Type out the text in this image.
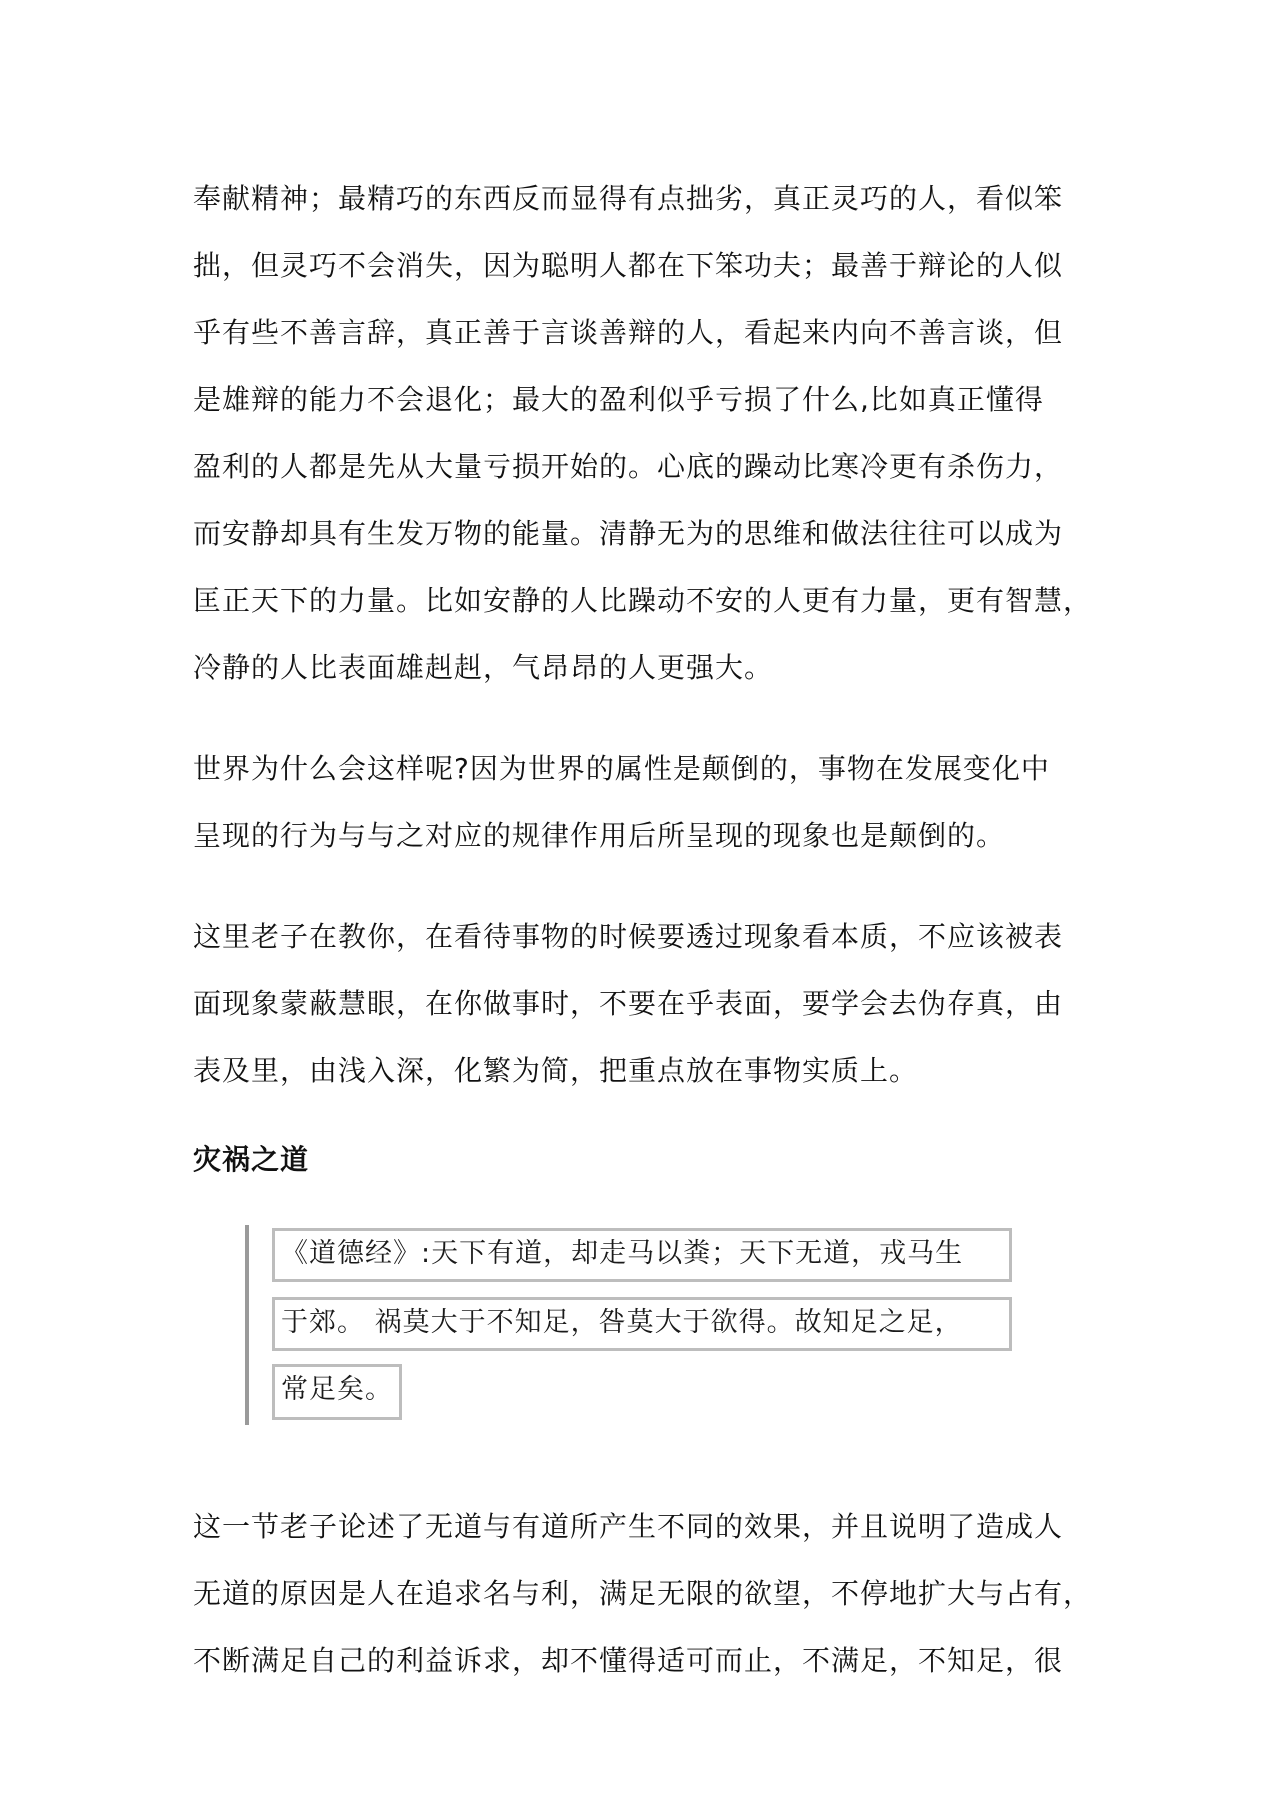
奉献精神；最精巧的东西反而显得有点拙劣，真正灵巧的人，看似笨
拙，但灵巧不会消失，因为聪明人都在下笨功夫；最善于辩论的人似
乎有些不善言辞，真正善于言谈善辩的人，看起来内向不善言谈，但
是雄辩的能力不会退化；最大的盈利似乎亏损了什么,比如真正懂得
盈利的人都是先从大量亏损开始的。心底的躁动比寒冷更有杀伤力，
而安静却具有生发万物的能量。清静无为的思维和做法往往可以成为
匡正天下的力量。比如安静的人比躁动不安的人更有力量，更有智慧，
冷静的人比表面雄赳赳，气昂昂的人更强大。

世界为什么会这样呢?因为世界的属性是颠倒的，事物在发展变化中
呈现的行为与与之对应的规律作用后所呈现的现象也是颠倒的。

这里老子在教你，在看待事物的时候要透过现象看本质，不应该被表
面现象蒙蔽慧眼，在你做事时，不要在乎表面，要学会去伪存真，由
表及里，由浅入深，化繁为简，把重点放在事物实质上。

灾祸之道
《道德经》:天下有道，却走马以粪；天下无道，戎马生
于郊。 祸莫大于不知足，咎莫大于欲得。故知足之足，
常足矣。

这一节老子论述了无道与有道所产生不同的效果，并且说明了造成人
无道的原因是人在追求名与利，满足无限的欲望，不停地扩大与占有，
不断满足自己的利益诉求，却不懂得适可而止，不满足，不知足，很
